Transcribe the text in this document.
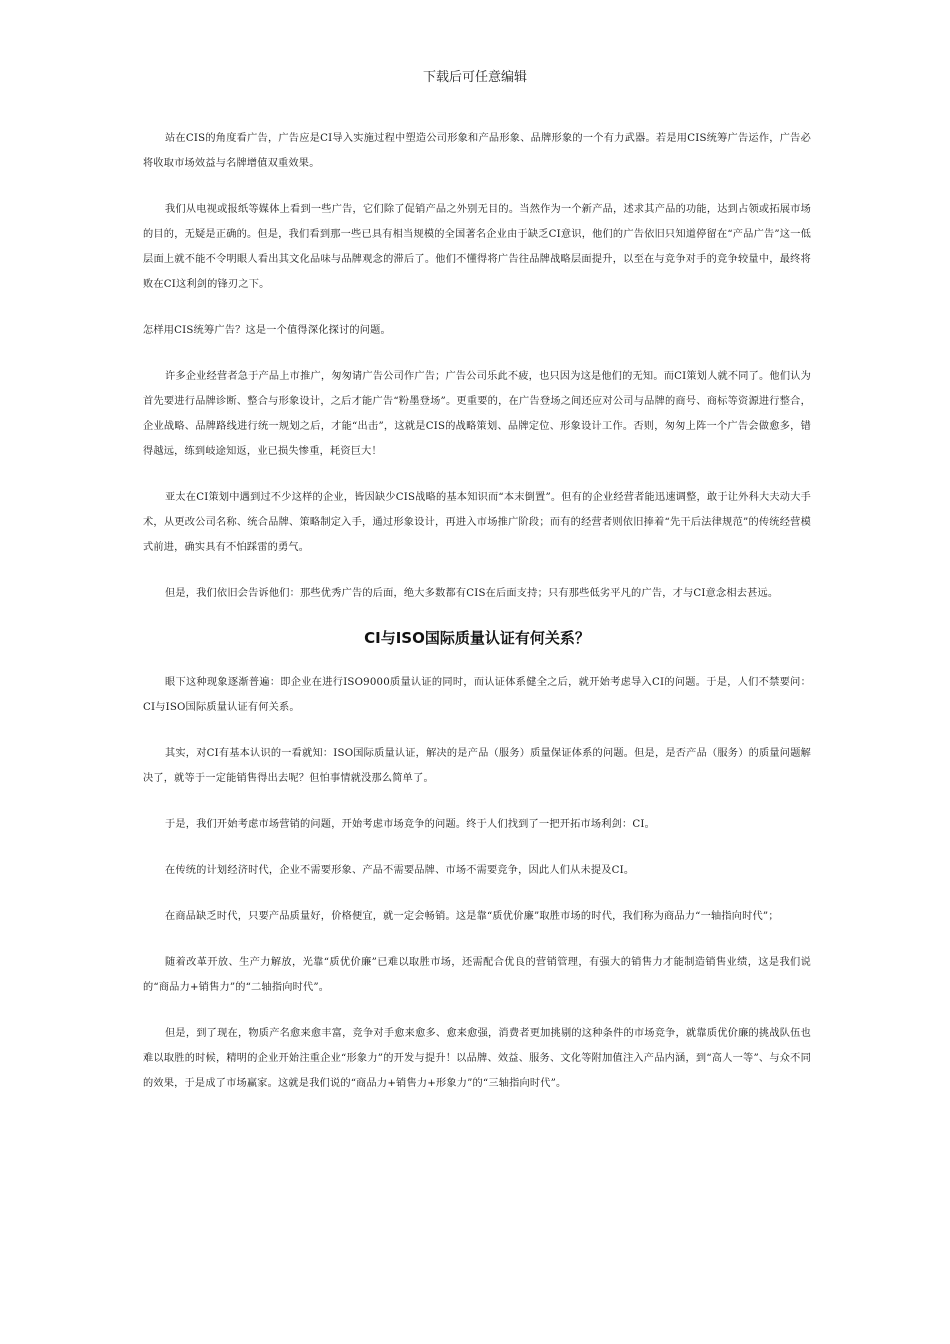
下载后可任意编辑

站在CIS的角度看广告，广告应是CI导入实施过程中塑造公司形象和产品形象、品牌形象的一个有力武器。若是用CIS统筹广告运作，广告必将收取市场效益与名牌增值双重效果。

我们从电视或报纸等媒体上看到一些广告，它们除了促销产品之外别无目的。当然作为一个新产品，述求其产品的功能，达到占领或拓展市场的目的，无疑是正确的。但是，我们看到那一些已具有相当规模的全国著名企业由于缺乏CI意识，他们的广告依旧只知道停留在“产品广告”这一低层面上就不能不令明眼人看出其文化品味与品牌观念的滞后了。他们不懂得将广告往品牌战略层面提升，以至在与竞争对手的竞争较量中，最终将败在CI这利剑的锋刃之下。

怎样用CIS统筹广告？这是一个值得深化探讨的问题。

许多企业经营者急于产品上市推广，匆匆请广告公司作广告；广告公司乐此不疲，也只因为这是他们的无知。而CI策划人就不同了。他们认为首先要进行品牌诊断、整合与形象设计，之后才能广告“粉墨登场”。更重要的，在广告登场之间还应对公司与品牌的商号、商标等资源进行整合，企业战略、品牌路线进行统一规划之后，才能“出击”，这就是CIS的战略策划、品牌定位、形象设计工作。否则，匆匆上阵一个广告会做愈多，错得越远，练到岐途知返，业已损失惨重，耗资巨大！

亚太在CI策划中遇到过不少这样的企业，皆因缺少CIS战略的基本知识而“本末倒置”。但有的企业经营者能迅速调整，敢于让外科大夫动大手术，从更改公司名称、统合品牌、策略制定入手，通过形象设计，再进入市场推广阶段；而有的经营者则依旧捧着“先干后法律规范”的传统经营模式前进，确实具有不怕踩雷的勇气。

但是，我们依旧会告诉他们：那些优秀广告的后面，绝大多数都有CIS在后面支持；只有那些低劣平凡的广告，才与CI意念相去甚远。

CI与ISO国际质量认证有何关系？

眼下这种现象逐渐普遍：即企业在进行ISO9000质量认证的同时，而认证体系健全之后，就开始考虑导入CI的问题。于是，人们不禁要问：CI与ISO国际质量认证有何关系。

其实，对CI有基本认识的一看就知：ISO国际质量认证，解决的是产品（服务）质量保证体系的问题。但是，是否产品（服务）的质量问题解决了，就等于一定能销售得出去呢？但怕事情就没那么简单了。

于是，我们开始考虑市场营销的问题，开始考虑市场竞争的问题。终于人们找到了一把开拓市场利剑：CI。

在传统的计划经济时代，企业不需要形象、产品不需要品牌、市场不需要竞争，因此人们从未提及CI。

在商品缺乏时代，只要产品质量好，价格便宜，就一定会畅销。这是靠“质优价廉”取胜市场的时代，我们称为商品力“一轴指向时代”；

随着改革开放、生产力解放，光靠“质优价廉”已难以取胜市场，还需配合优良的营销管理，有强大的销售力才能制造销售业绩，这是我们说的“商品力+销售力”的“二轴指向时代”。

但是，到了现在，物质产名愈来愈丰富，竞争对手愈来愈多、愈来愈强，消费者更加挑剔的这种条件的市场竞争，就靠质优价廉的挑战队伍也难以取胜的时候，精明的企业开始注重企业“形象力”的开发与提升！以品牌、效益、服务、文化等附加值注入产品内涵，到“高人一等”、与众不同的效果，于是成了市场赢家。这就是我们说的“商品力+销售力+形象力”的“三轴指向时代”。
